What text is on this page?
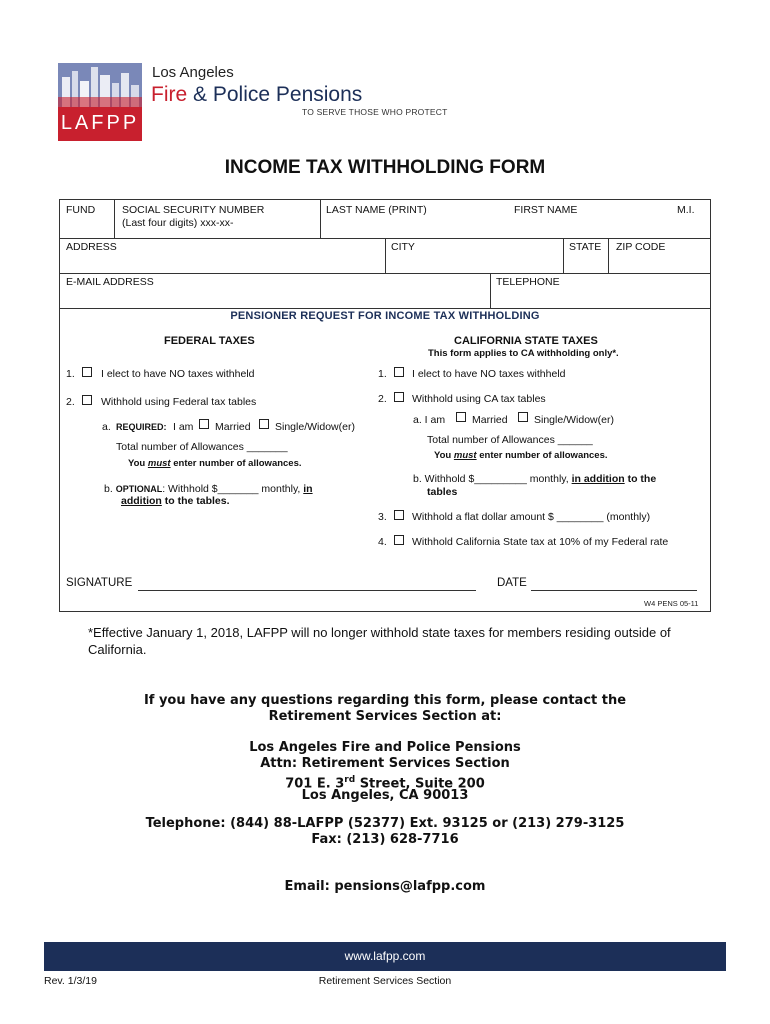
LAFPP
Los Angeles
Fire & Police Pensions
TO SERVE THOSE WHO PROTECT
INCOME TAX WITHHOLDING FORM
FUND	SOCIAL SECURITY NUMBER
(Last four digits) xxx-xx-
LAST NAME (PRINT)	FIRST NAME	M.I.
ADDRESS	CITY	STATE ZIP CODE
E-MAIL ADDRESS	TELEPHONE
PENSIONER REQUEST FOR INCOME TAX WITHHOLDING
FEDERAL TAXES
1. I elect to have NO taxes withheld
2. Withhold using Federal tax tables
a. REQUIRED: I am Married Single/Widow(er)
Total number of Allowances _______
You must enter number of allowances.
b. OPTIONAL: Withhold $_______ monthly, in
addition to the tables.
CALIFORNIA STATE TAXES
This form applies to CA withholding only*.
1. I elect to have NO taxes withheld
2. Withhold using CA tax tables
a. I am	Married	Single/Widow(er)
Total number of Allowances ______
You must enter number of allowances.
b. Withhold $_________ monthly, in addition to the
tables
3. Withhold a flat dollar amount $ ________ (monthly)
4. Withhold California State tax at 10% of my Federal rate
SIGNATURE	DATE
W4 PENS 05-11
*Effective January 1, 2018, LAFPP will no longer withhold state taxes for members residing outside of California.
If you have any questions regarding this form, please contact the
Retirement Services Section at:
Los Angeles Fire and Police Pensions
Attn: Retirement Services Section
701 E. 3rd Street, Suite 200
Los Angeles, CA 90013
Telephone: (844) 88-LAFPP (52377) Ext. 93125 or (213) 279-3125
Fax: (213) 628-7716
Email: pensions@lafpp.com
www.lafpp.com
Rev. 1/3/19	Retirement Services Section
